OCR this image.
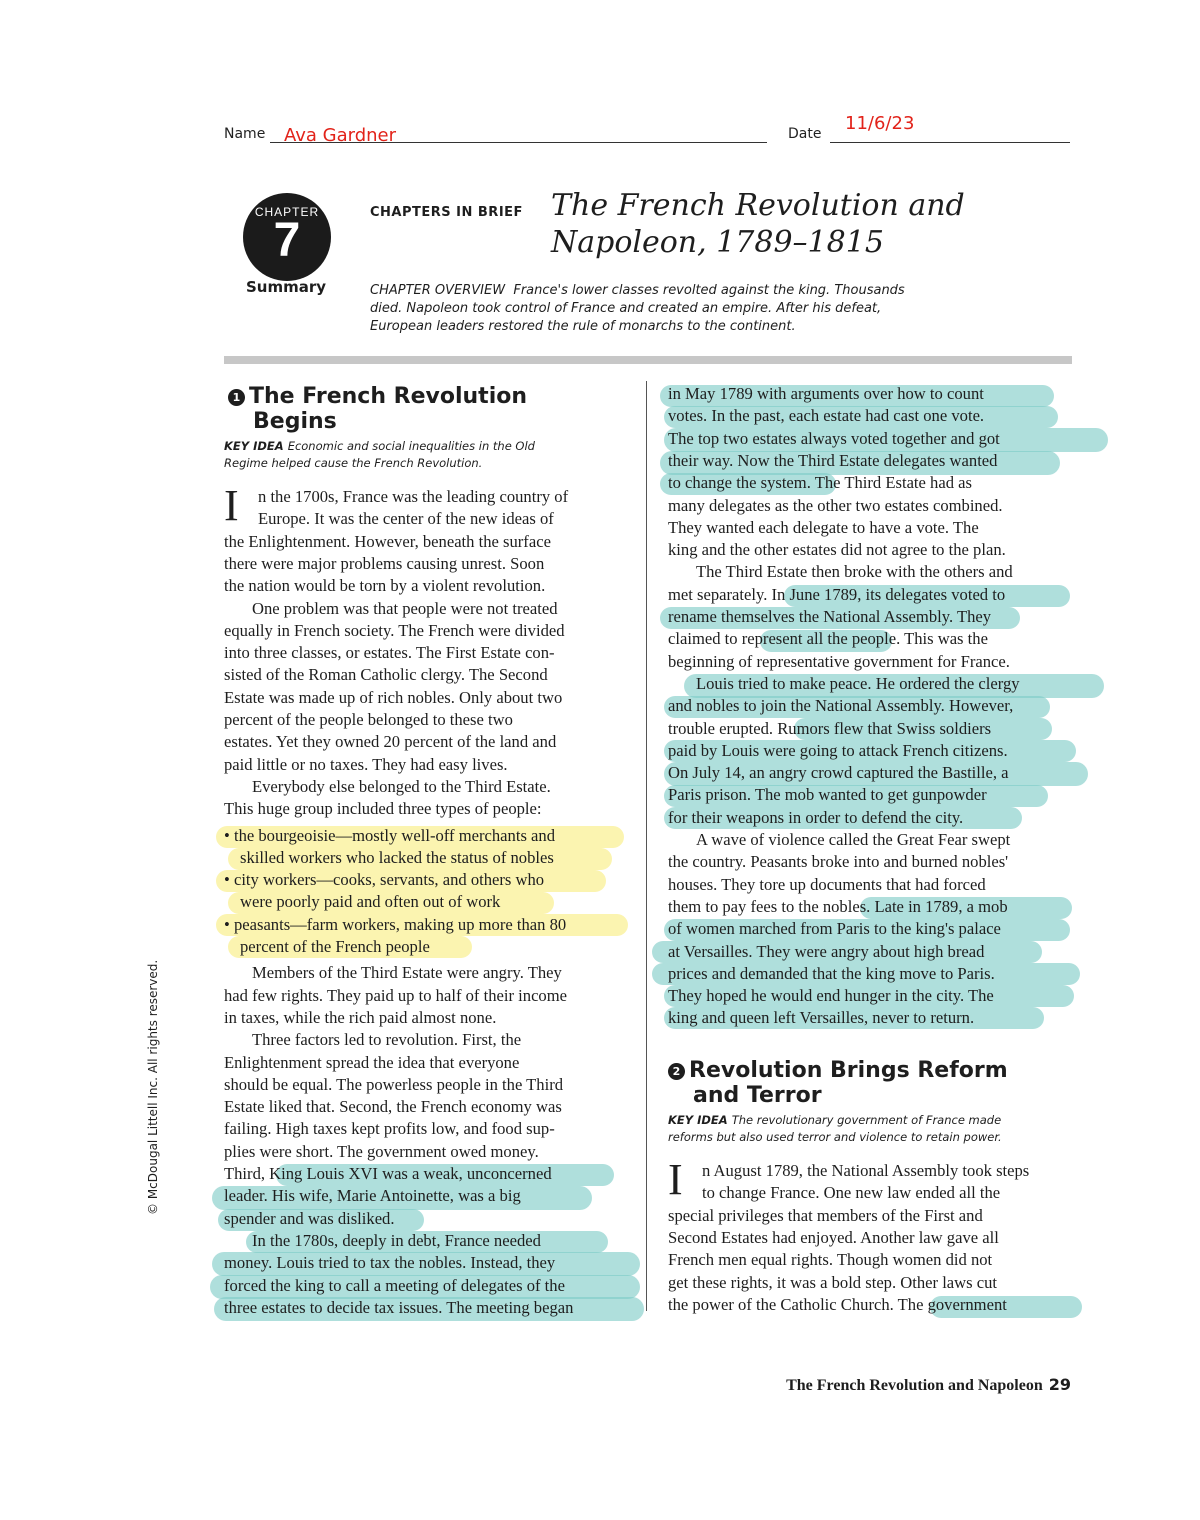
Name Ava Gardner	Date 11/6/23
CHAPTER
7
Summary
CHAPTERS IN BRIEF The French Revolution and
Napoleon, 1789–1815
CHAPTER OVERVIEW France's lower classes revolted against the king. Thousands
died. Napoleon took control of France and created an empire. After his defeat,
European leaders restored the rule of monarchs to the continent.
1 The French Revolution
Begins
KEY IDEA Economic and social inequalities in the Old
Regime helped cause the French Revolution.
I
2 Revolution Brings Reform
and Terror
KEY IDEA The revolutionary government of France made
reforms but also used terror and violence to retain power.
I
n the 1700s, France was the leading country of
Europe. It was the center of the new ideas of
the Enlightenment. However, beneath the surface
there were major problems causing unrest. Soon
the nation would be torn by a violent revolution.
One problem was that people were not treated
equally in French society. The French were divided
into three classes, or estates. The First Estate con-
sisted of the Roman Catholic clergy. The Second
Estate was made up of rich nobles. Only about two
percent of the people belonged to these two
estates. Yet they owned 20 percent of the land and
paid little or no taxes. They had easy lives.
Everybody else belonged to the Third Estate.
This huge group included three types of people:
• the bourgeoisie—mostly well-off merchants and
skilled workers who lacked the status of nobles
• city workers—cooks, servants, and others who
were poorly paid and often out of work
• peasants—farm workers, making up more than 80
percent of the French people
Members of the Third Estate were angry. They
had few rights. They paid up to half of their income
in taxes, while the rich paid almost none.
Three factors led to revolution. First, the
Enlightenment spread the idea that everyone
should be equal. The powerless people in the Third
Estate liked that. Second, the French economy was
failing. High taxes kept profits low, and food sup-
plies were short. The government owed money.
Third, King Louis XVI was a weak, unconcerned
leader. His wife, Marie Antoinette, was a big
spender and was disliked.
In the 1780s, deeply in debt, France needed
money. Louis tried to tax the nobles. Instead, they
forced the king to call a meeting of delegates of the
three estates to decide tax issues. The meeting began
in May 1789 with arguments over how to count
votes. In the past, each estate had cast one vote.
The top two estates always voted together and got
their way. Now the Third Estate delegates wanted
to change the system. The Third Estate had as
many delegates as the other two estates combined.
They wanted each delegate to have a vote. The
king and the other estates did not agree to the plan.
The Third Estate then broke with the others and
met separately. In June 1789, its delegates voted to
rename themselves the National Assembly. They
claimed to represent all the people. This was the
beginning of representative government for France.
Louis tried to make peace. He ordered the clergy
and nobles to join the National Assembly. However,
trouble erupted. Rumors flew that Swiss soldiers
paid by Louis were going to attack French citizens.
On July 14, an angry crowd captured the Bastille, a
Paris prison. The mob wanted to get gunpowder
for their weapons in order to defend the city.
A wave of violence called the Great Fear swept
the country. Peasants broke into and burned nobles'
houses. They tore up documents that had forced
them to pay fees to the nobles. Late in 1789, a mob
of women marched from Paris to the king's palace
at Versailles. They were angry about high bread
prices and demanded that the king move to Paris.
They hoped he would end hunger in the city. The
king and queen left Versailles, never to return.
n August 1789, the National Assembly took steps
to change France. One new law ended all the
special privileges that members of the First and
Second Estates had enjoyed. Another law gave all
French men equal rights. Though women did not
get these rights, it was a bold step. Other laws cut
the power of the Catholic Church. The government
© McDougal Littell Inc. All rights reserved.
The French Revolution and Napoleon 29
